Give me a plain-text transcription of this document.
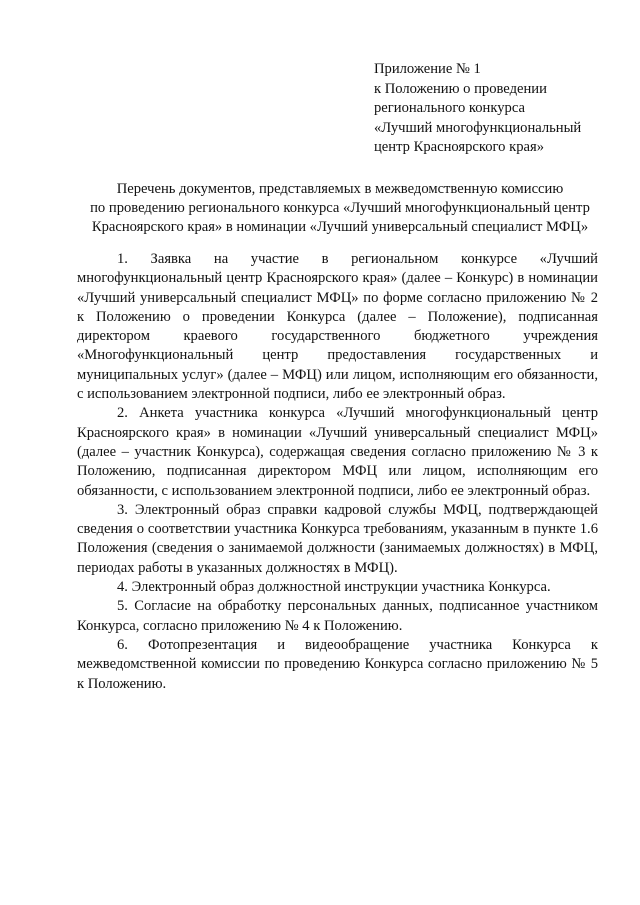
Приложение № 1
к Положению о проведении
регионального конкурса
«Лучший многофункциональный
центр Красноярского края»
Перечень документов, представляемых в межведомственную комиссию
по проведению регионального конкурса «Лучший многофункциональный центр
Красноярского края» в номинации «Лучший универсальный специалист МФЦ»

1. Заявка на участие в региональном конкурсе «Лучший многофункциональный центр Красноярского края» (далее – Конкурс) в номинации «Лучший универсальный специалист МФЦ» по форме согласно приложению № 2 к Положению о проведении Конкурса (далее – Положение), подписанная директором краевого государственного бюджетного учреждения «Многофункциональный центр предоставления государственных и муниципальных услуг» (далее – МФЦ) или лицом, исполняющим его обязанности, с использованием электронной подписи, либо ее электронный образ.

2. Анкета участника конкурса «Лучший многофункциональный центр Красноярского края» в номинации «Лучший универсальный специалист МФЦ» (далее – участник Конкурса), содержащая сведения согласно приложению № 3 к Положению, подписанная директором МФЦ или лицом, исполняющим его обязанности, с использованием электронной подписи, либо ее электронный образ.

3. Электронный образ справки кадровой службы МФЦ, подтверждающей сведения о соответствии участника Конкурса требованиям, указанным в пункте 1.6 Положения (сведения о занимаемой должности (занимаемых должностях) в МФЦ, периодах работы в указанных должностях в МФЦ).

4. Электронный образ должностной инструкции участника Конкурса.

5. Согласие на обработку персональных данных, подписанное участником Конкурса, согласно приложению № 4 к Положению.

6. Фотопрезентация и видеообращение участника Конкурса к межведомственной комиссии по проведению Конкурса согласно приложению № 5 к Положению.
